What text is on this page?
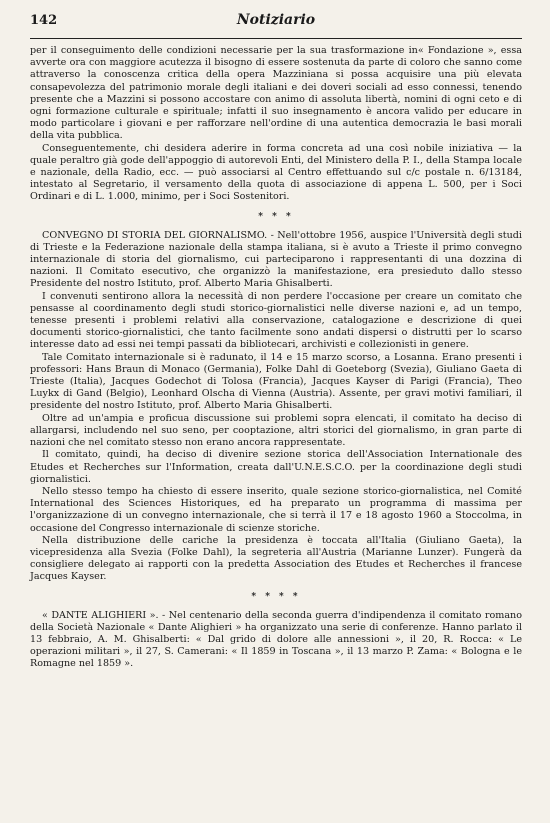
142	Notiziario

per il conseguimento delle condizioni necessarie per la sua trasformazione in« Fondazione », essa avverte ora con maggiore acutezza il bisogno di essere sostenuta da parte di coloro che sanno come attraverso la conoscenza critica della opera Mazziniana si possa acquisire una più elevata consapevolezza del patrimonio morale degli italiani e dei doveri sociali ad esso connessi, tenendo presente che a Mazzini si possono accostare con animo di assoluta libertà, nomini di ogni ceto e di ogni formazione culturale e spirituale; infatti il suo insegnamento è ancora valido per educare in modo particolare i giovani e per rafforzare nell'ordine di una autentica democrazia le basi morali della vita pubblica.

Conseguentemente, chi desidera aderire in forma concreta ad una così nobile iniziativa — la quale peraltro già gode dell'appoggio di autorevoli Enti, del Ministero della P. I., della Stampa locale e nazionale, della Radio, ecc. — può associarsi al Centro effettuando sul c/c postale n. 6/13184, intestato al Segretario, il versamento della quota di associazione di appena L. 500, per i Soci Ordinari e di L. 1.000, minimo, per i Soci Sostenitori.

* * *

CONVEGNO DI STORIA DEL GIORNALISMO. - Nell'ottobre 1956, auspice l'Università degli studi di Trieste e la Federazione nazionale della stampa italiana, si è avuto a Trieste il primo convegno internazionale di storia del giornalismo, cui parteciparono i rappresentanti di una dozzina di nazioni. Il Comitato esecutivo, che organizzò la manifestazione, era presieduto dallo stesso Presidente del nostro Istituto, prof. Alberto Maria Ghisalberti.

I convenuti sentirono allora la necessità di non perdere l'occasione per creare un comitato che pensasse al coordinamento degli studi storico-giornalistici nelle diverse nazioni e, ad un tempo, tenesse presenti i problemi relativi alla conservazione, catalogazione e descrizione di quei documenti storico-giornalistici, che tanto facilmente sono andati dispersi o distrutti per lo scarso interesse dato ad essi nei tempi passati da bibliotecari, archivisti e collezionisti in genere.

Tale Comitato internazionale si è radunato, il 14 e 15 marzo scorso, a Losanna. Erano presenti i professori: Hans Braun di Monaco (Germania), Folke Dahl di Goeteborg (Svezia), Giuliano Gaeta di Trieste (Italia), Jacques Godechot di Tolosa (Francia), Jacques Kayser di Parigi (Francia), Theo Luykx di Gand (Belgio), Leonhard Olscha di Vienna (Austria). Assente, per gravi motivi familiari, il presidente del nostro Istituto, prof. Alberto Maria Ghisalberti.

Oltre ad un'ampia e proficua discussione sui problemi sopra elencati, il comitato ha deciso di allargarsi, includendo nel suo seno, per cooptazione, altri storici del giornalismo, in gran parte di nazioni che nel comitato stesso non erano ancora rappresentate.

Il comitato, quindi, ha deciso di divenire sezione storica dell'Association Internationale des Etudes et Recherches sur l'Information, creata dall'U.N.E.S.C.O. per la coordinazione degli studi giornalistici.

Nello stesso tempo ha chiesto di essere inserito, quale sezione storico-giornalistica, nel Comité International des Sciences Historiques, ed ha preparato un programma di massima per l'organizzazione di un convegno internazionale, che si terrà il 17 e 18 agosto 1960 a Stoccolma, in occasione del Congresso internazionale di scienze storiche.

Nella distribuzione delle cariche la presidenza è toccata all'Italia (Giuliano Gaeta), la vicepresidenza alla Svezia (Folke Dahl), la segreteria all'Austria (Marianne Lunzer). Fungerà da consigliere delegato ai rapporti con la predetta Association des Etudes et Recherches il francese Jacques Kayser.

* * * *

« DANTE ALIGHIERI ». - Nel centenario della seconda guerra d'indipendenza il comitato romano della Società Nazionale « Dante Alighieri » ha organizzato una serie di conferenze. Hanno parlato il 13 febbraio, A. M. Ghisalberti: « Dal grido di dolore alle annessioni », il 20, R. Rocca: « Le operazioni militari », il 27, S. Camerani: « Il 1859 in Toscana », il 13 marzo P. Zama: « Bologna e le Romagne nel 1859 ».
